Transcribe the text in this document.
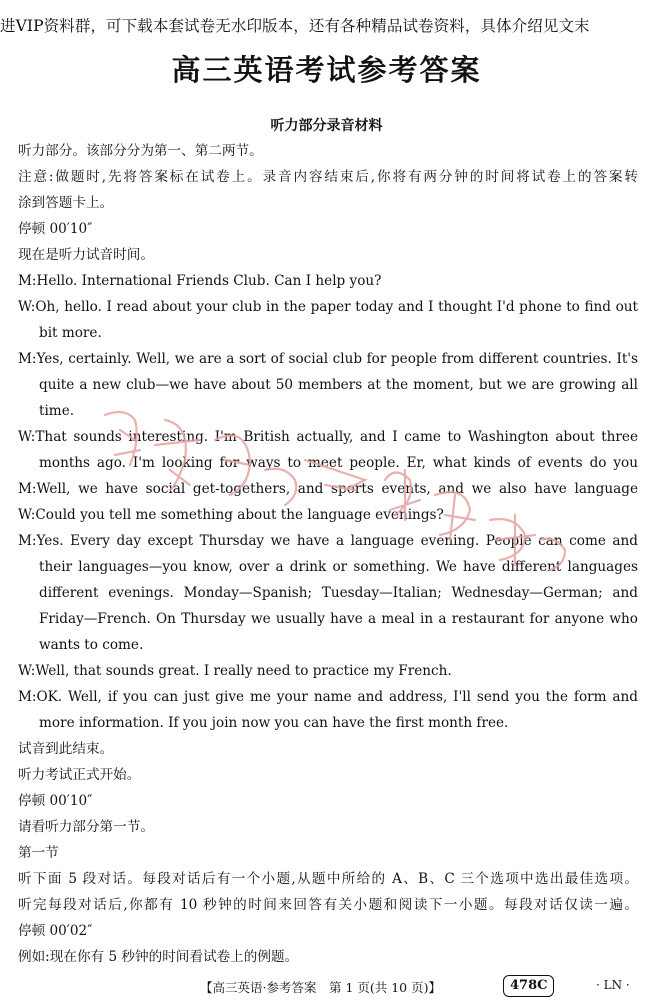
进VIP资料群，可下载本套试卷无水印版本，还有各种精品试卷资料，具体介绍见文末
高三英语考试参考答案
听力部分录音材料
听力部分。该部分分为第一、第二两节。
注意:做题时,先将答案标在试卷上。录音内容结束后,你将有两分钟的时间将试卷上的答案转
涂到答题卡上。
停顿 00′10″
现在是听力试音时间。
M:Hello. International Friends Club. Can I help you?
W:Oh, hello. I read about your club in the paper today and I thought I'd phone to find out
bit more.
M:Yes, certainly. Well, we are a sort of social club for people from different countries. It's
quite a new club—we have about 50 members at the moment, but we are growing all
time.
W:That sounds interesting. I'm British actually, and I came to Washington about three
months ago. I'm looking for ways to meet people. Er, what kinds of events do you
M:Well, we have social get-togethers, and sports events, and we also have language
W:Could you tell me something about the language evenings?
M:Yes. Every day except Thursday we have a language evening. People can come and
their languages—you know, over a drink or something. We have different languages
different evenings. Monday—Spanish; Tuesday—Italian; Wednesday—German; and
Friday—French. On Thursday we usually have a meal in a restaurant for anyone who
wants to come.
W:Well, that sounds great. I really need to practice my French.
M:OK. Well, if you can just give me your name and address, I'll send you the form and
more information. If you join now you can have the first month free.
试音到此结束。
听力考试正式开始。
停顿 00′10″
请看听力部分第一节。
第一节
听下面 5 段对话。每段对话后有一个小题,从题中所给的 A、B、C 三个选项中选出最佳选项。
听完每段对话后,你都有 10 秒钟的时间来回答有关小题和阅读下一小题。每段对话仅读一遍。
停顿 00′02″
例如:现在你有 5 秒钟的时间看试卷上的例题。
【高三英语·参考答案　第 1 页(共 10 页)】	478C	· LN ·
